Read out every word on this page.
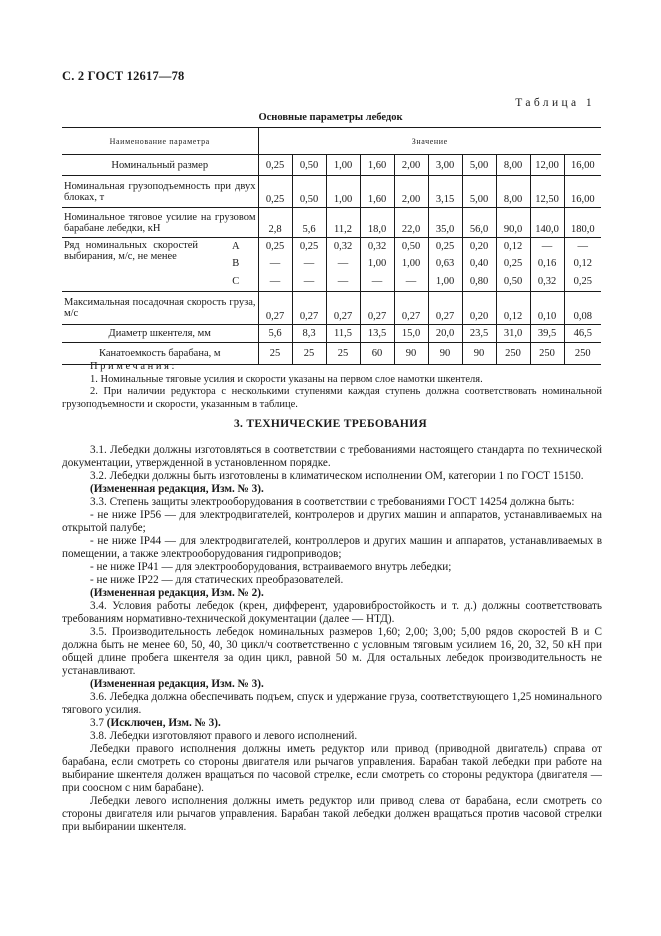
С. 2 ГОСТ 12617—78
Таблица 1
Основные параметры лебедок
Наименование параметра		Значение									
Номинальный размер		0,25	0,50	1,00	1,60	2,00	3,00	5,00	8,00	12,00	16,00
Номинальная грузоподъемность при двух блоках, т		0,25	0,50	1,00	1,60	2,00	3,15	5,00	8,00	12,50	16,00
Номинальное тяговое усилие на грузовом барабане лебедки, кН		2,8	5,6	11,2	18,0	22,0	35,0	56,0	90,0	140,0	180,0
Ряд номинальных скоростей выбирания, м/с, не менее	А	0,25	0,25	0,32	0,32	0,50	0,25	0,20	0,12	—	—
	В	—	—	—	1,00	1,00	0,63	0,40	0,25	0,16	0,12
	С	—	—	—	—	—	1,00	0,80	0,50	0,32	0,25
Максимальная посадочная скорость груза, м/с		0,27	0,27	0,27	0,27	0,27	0,27	0,20	0,12	0,10	0,08
Диаметр шкентеля, мм		5,6	8,3	11,5	13,5	15,0	20,0	23,5	31,0	39,5	46,5
Канатоемкость барабана, м		25	25	25	60	90	90	90	250	250	250

Примечания:

1. Номинальные тяговые усилия и скорости указаны на первом слое намотки шкентеля.

2. При наличии редуктора с несколькими ступенями каждая ступень должна соответствовать номинальной грузоподъемности и скорости, указанным в таблице.

3. ТЕХНИЧЕСКИЕ ТРЕБОВАНИЯ

3.1. Лебедки должны изготовляться в соответствии с требованиями настоящего стандарта по технической документации, утвержденной в установленном порядке.

3.2. Лебедки должны быть изготовлены в климатическом исполнении ОМ, категории 1 по ГОСТ 15150.

(Измененная редакция, Изм. № 3).

3.3. Степень защиты электрооборудования в соответствии с требованиями ГОСТ 14254 должна быть:

- не ниже IP56 — для электродвигателей, контролеров и других машин и аппаратов, устанавливаемых на открытой палубе;

- не ниже IP44 — для электродвигателей, контроллеров и других машин и аппаратов, устанавливаемых в помещении, а также электрооборудования гидроприводов;

- не ниже IP41 — для электрооборудования, встраиваемого внутрь лебедки;

- не ниже IP22 — для статических преобразователей.

(Измененная редакция, Изм. № 2).

3.4. Условия работы лебедок (крен, дифферент, ударовибростойкость и т. д.) должны соответствовать требованиям нормативно-технической документации (далее — НТД).

3.5. Производительность лебедок номинальных размеров 1,60; 2,00; 3,00; 5,00 рядов скоростей В и С должна быть не менее 60, 50, 40, 30 цикл/ч соответственно с условным тяговым усилием 16, 20, 32, 50 кН при общей длине пробега шкентеля за один цикл, равной 50 м. Для остальных лебедок производительность не устанавливают.

(Измененная редакция, Изм. № 3).

3.6. Лебедка должна обеспечивать подъем, спуск и удержание груза, соответствующего 1,25 номинального тягового усилия.

3.7 (Исключен, Изм. № 3).

3.8. Лебедки изготовляют правого и левого исполнений.

Лебедки правого исполнения должны иметь редуктор или привод (приводной двигатель) справа от барабана, если смотреть со стороны двигателя или рычагов управления. Барабан такой лебедки при работе на выбирание шкентеля должен вращаться по часовой стрелке, если смотреть со стороны редуктора (двигателя — при соосном с ним барабане).

Лебедки левого исполнения должны иметь редуктор или привод слева от барабана, если смотреть со стороны двигателя или рычагов управления. Барабан такой лебедки должен вращаться против часовой стрелки при выбирании шкентеля.
